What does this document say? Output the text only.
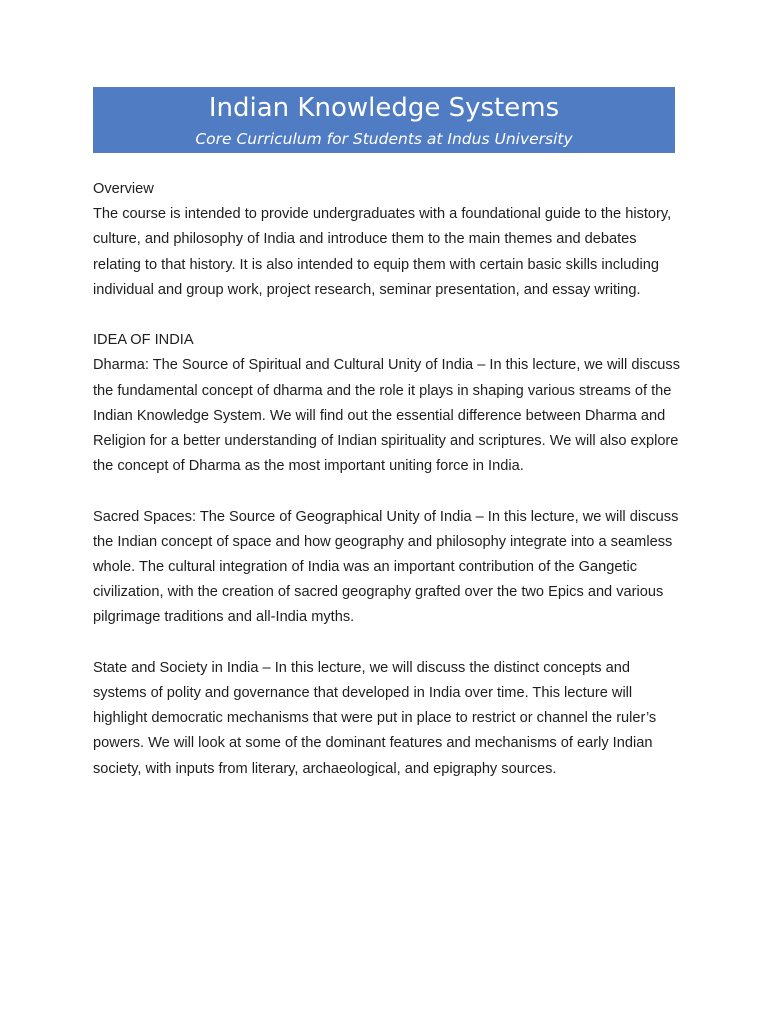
Indian Knowledge Systems
Core Curriculum for Students at Indus University

Overview

The course is intended to provide undergraduates with a foundational guide to the history, culture, and philosophy of India and introduce them to the main themes and debates relating to that history. It is also intended to equip them with certain basic skills including individual and group work, project research, seminar presentation, and essay writing.

IDEA OF INDIA

Dharma: The Source of Spiritual and Cultural Unity of India – In this lecture, we will discuss the fundamental concept of dharma and the role it plays in shaping various streams of the Indian Knowledge System. We will find out the essential difference between Dharma and Religion for a better understanding of Indian spirituality and scriptures. We will also explore the concept of Dharma as the most important uniting force in India.

Sacred Spaces: The Source of Geographical Unity of India – In this lecture, we will discuss the Indian concept of space and how geography and philosophy integrate into a seamless whole. The cultural integration of India was an important contribution of the Gangetic civilization, with the creation of sacred geography grafted over the two Epics and various pilgrimage traditions and all-India myths.

State and Society in India – In this lecture, we will discuss the distinct concepts and systems of polity and governance that developed in India over time. This lecture will highlight democratic mechanisms that were put in place to restrict or channel the ruler’s powers. We will look at some of the dominant features and mechanisms of early Indian society, with inputs from literary, archaeological, and epigraphy sources.
